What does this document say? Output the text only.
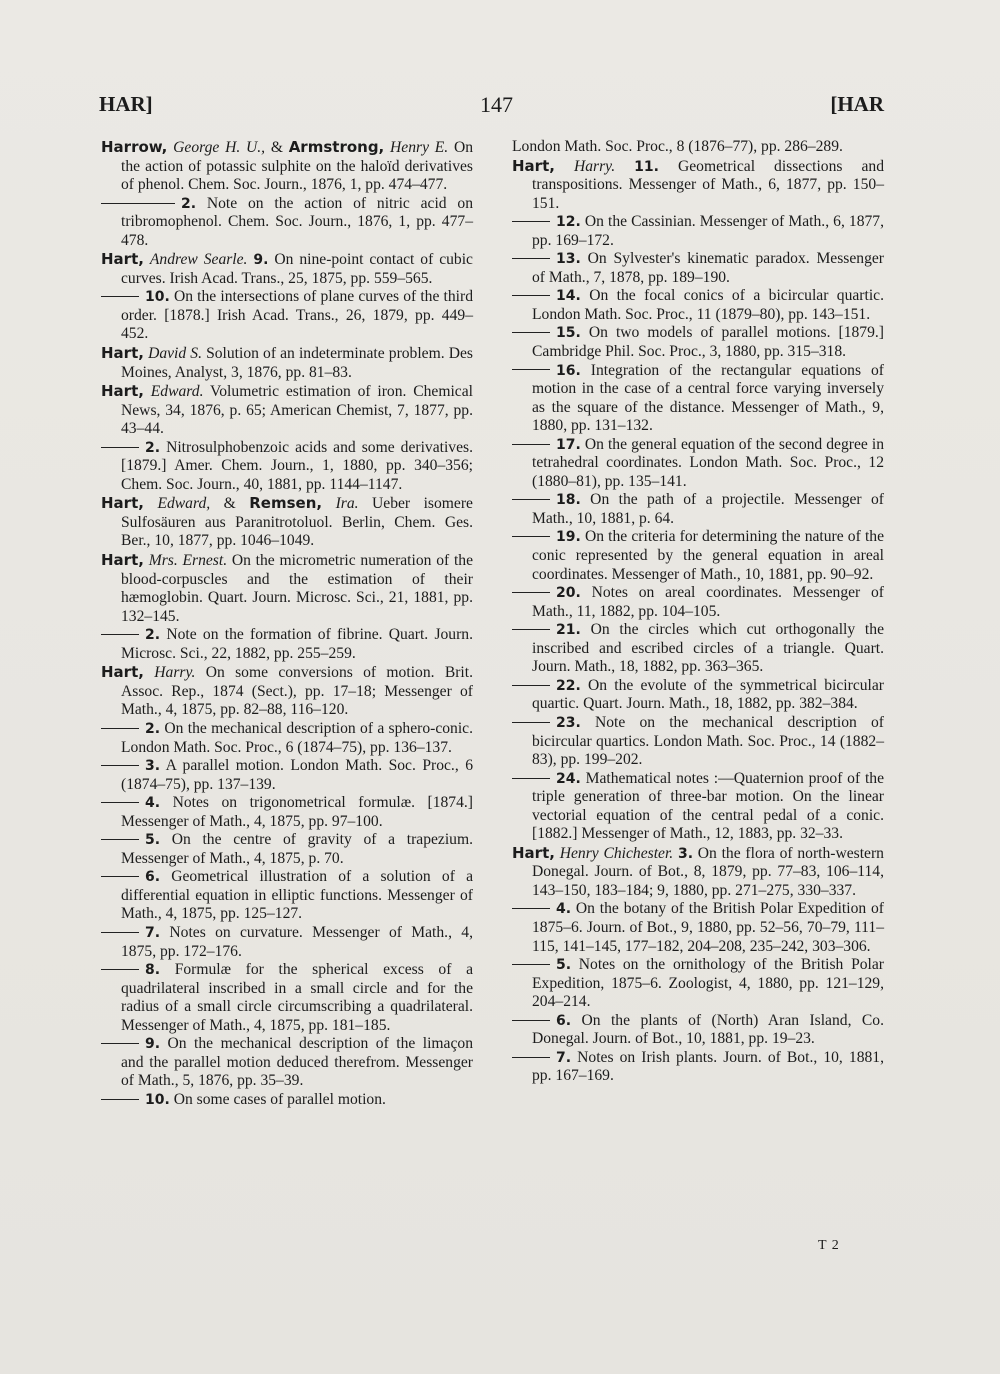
HAR]	147	[HAR

Harrow, George H. U., & Armstrong, Henry E. On the action of potassic sulphite on the haloïd derivatives of phenol. Chem. Soc. Journ., 1876, 1, pp. 474–477.

2. Note on the action of nitric acid on tribromophenol. Chem. Soc. Journ., 1876, 1, pp. 477–478.

Hart, Andrew Searle. 9. On nine-point contact of cubic curves. Irish Acad. Trans., 25, 1875, pp. 559–565.

10. On the intersections of plane curves of the third order. [1878.] Irish Acad. Trans., 26, 1879, pp. 449–452.

Hart, David S. Solution of an indeterminate problem. Des Moines, Analyst, 3, 1876, pp. 81–83.

Hart, Edward. Volumetric estimation of iron. Chemical News, 34, 1876, p. 65; American Chemist, 7, 1877, pp. 43–44.

2. Nitrosulphobenzoic acids and some derivatives. [1879.] Amer. Chem. Journ., 1, 1880, pp. 340–356; Chem. Soc. Journ., 40, 1881, pp. 1144–1147.

Hart, Edward, & Remsen, Ira. Ueber isomere Sulfosäuren aus Paranitrotoluol. Berlin, Chem. Ges. Ber., 10, 1877, pp. 1046–1049.

Hart, Mrs. Ernest. On the micrometric numeration of the blood-corpuscles and the estimation of their hæmoglobin. Quart. Journ. Microsc. Sci., 21, 1881, pp. 132–145.

2. Note on the formation of fibrine. Quart. Journ. Microsc. Sci., 22, 1882, pp. 255–259.

Hart, Harry. On some conversions of motion. Brit. Assoc. Rep., 1874 (Sect.), pp. 17–18; Messenger of Math., 4, 1875, pp. 82–88, 116–120.

2. On the mechanical description of a sphero-conic. London Math. Soc. Proc., 6 (1874–75), pp. 136–137.

3. A parallel motion. London Math. Soc. Proc., 6 (1874–75), pp. 137–139.

4. Notes on trigonometrical formulæ. [1874.] Messenger of Math., 4, 1875, pp. 97–100.

5. On the centre of gravity of a trapezium. Messenger of Math., 4, 1875, p. 70.

6. Geometrical illustration of a solution of a differential equation in elliptic functions. Messenger of Math., 4, 1875, pp. 125–127.

7. Notes on curvature. Messenger of Math., 4, 1875, pp. 172–176.

8. Formulæ for the spherical excess of a quadrilateral inscribed in a small circle and for the radius of a small circle circumscribing a quadrilateral. Messenger of Math., 4, 1875, pp. 181–185.

9. On the mechanical description of the limaçon and the parallel motion deduced therefrom. Messenger of Math., 5, 1876, pp. 35–39.

10. On some cases of parallel motion.

London Math. Soc. Proc., 8 (1876–77), pp. 286–289.

Hart, Harry. 11. Geometrical dissections and transpositions. Messenger of Math., 6, 1877, pp. 150–151.

12. On the Cassinian. Messenger of Math., 6, 1877, pp. 169–172.

13. On Sylvester's kinematic paradox. Messenger of Math., 7, 1878, pp. 189–190.

14. On the focal conics of a bicircular quartic. London Math. Soc. Proc., 11 (1879–80), pp. 143–151.

15. On two models of parallel motions. [1879.] Cambridge Phil. Soc. Proc., 3, 1880, pp. 315–318.

16. Integration of the rectangular equations of motion in the case of a central force varying inversely as the square of the distance. Messenger of Math., 9, 1880, pp. 131–132.

17. On the general equation of the second degree in tetrahedral coordinates. London Math. Soc. Proc., 12 (1880–81), pp. 135–141.

18. On the path of a projectile. Messenger of Math., 10, 1881, p. 64.

19. On the criteria for determining the nature of the conic represented by the general equation in areal coordinates. Messenger of Math., 10, 1881, pp. 90–92.

20. Notes on areal coordinates. Messenger of Math., 11, 1882, pp. 104–105.

21. On the circles which cut orthogonally the inscribed and escribed circles of a triangle. Quart. Journ. Math., 18, 1882, pp. 363–365.

22. On the evolute of the symmetrical bicircular quartic. Quart. Journ. Math., 18, 1882, pp. 382–384.

23. Note on the mechanical description of bicircular quartics. London Math. Soc. Proc., 14 (1882–83), pp. 199–202.

24. Mathematical notes :—Quaternion proof of the triple generation of three-bar motion. On the linear vectorial equation of the central pedal of a conic. [1882.] Messenger of Math., 12, 1883, pp. 32–33.

Hart, Henry Chichester. 3. On the flora of north-western Donegal. Journ. of Bot., 8, 1879, pp. 77–83, 106–114, 143–150, 183–184; 9, 1880, pp. 271–275, 330–337.

4. On the botany of the British Polar Expedition of 1875–6. Journ. of Bot., 9, 1880, pp. 52–56, 70–79, 111–115, 141–145, 177–182, 204–208, 235–242, 303–306.

5. Notes on the ornithology of the British Polar Expedition, 1875–6. Zoologist, 4, 1880, pp. 121–129, 204–214.

6. On the plants of (North) Aran Island, Co. Donegal. Journ. of Bot., 10, 1881, pp. 19–23.

7. Notes on Irish plants. Journ. of Bot., 10, 1881, pp. 167–169.

T 2
